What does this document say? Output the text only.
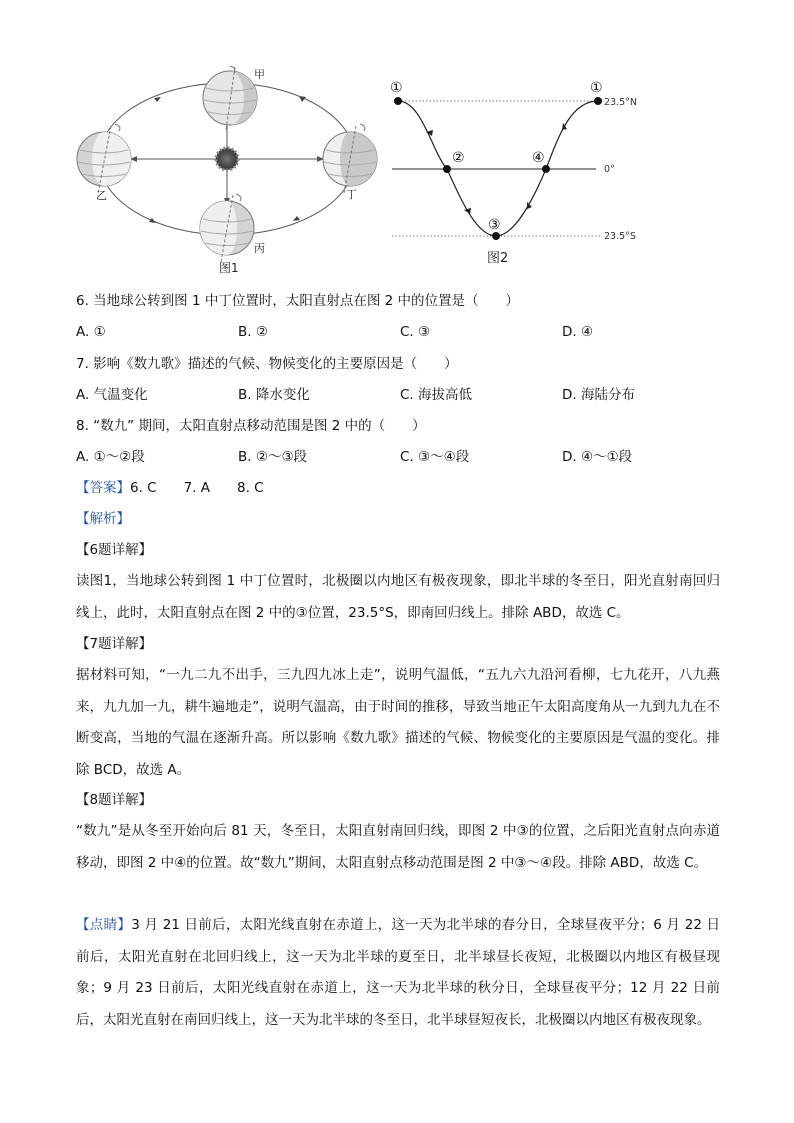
甲
乙	丁
丙
图1
①
②
③
④
①
23.5°N
0°
23.5°S
图2
6. 当地球公转到图 1 中丁位置时，太阳直射点在图 2 中的位置是（　　）
A. ①	B. ②	C. ③	D. ④
7. 影响《数九歌》描述的气候、物候变化的主要原因是（　　）
A. 气温变化	B. 降水变化	C. 海拔高低	D. 海陆分布
8. “数九” 期间，太阳直射点移动范围是图 2 中的（　　）
A. ①～②段	B. ②～③段	C. ③～④段	D. ④～①段
【答案】6. C　　7. A　　8. C
【解析】
【6题详解】
读图1，当地球公转到图 1 中丁位置时，北极圈以内地区有极夜现象，即北半球的冬至日，阳光直射南回归线上，此时，太阳直射点在图 2 中的③位置，23.5°S，即南回归线上。排除 ABD，故选 C。
【7题详解】
据材料可知，“一九二九不出手，三九四九冰上走”，说明气温低，“五九六九沿河看柳，七九花开，八九燕来，九九加一九，耕牛遍地走”，说明气温高，由于时间的推移，导致当地正午太阳高度角从一九到九九在不断变高，当地的气温在逐渐升高。所以影响《数九歌》描述的气候、物候变化的主要原因是气温的变化。排除 BCD，故选 A。
【8题详解】
“数九”是从冬至开始向后 81 天，冬至日，太阳直射南回归线，即图 2 中③的位置，之后阳光直射点向赤道移动，即图 2 中④的位置。故“数九”期间，太阳直射点移动范围是图 2 中③～④段。排除 ABD，故选 C。
【点睛】3 月 21 日前后，太阳光线直射在赤道上，这一天为北半球的春分日，全球昼夜平分；6 月 22 日前后，太阳光直射在北回归线上，这一天为北半球的夏至日，北半球昼长夜短，北极圈以内地区有极昼现象；9 月 23 日前后，太阳光线直射在赤道上，这一天为北半球的秋分日，全球昼夜平分；12 月 22 日前后，太阳光直射在南回归线上，这一天为北半球的冬至日，北半球昼短夜长，北极圈以内地区有极夜现象。
